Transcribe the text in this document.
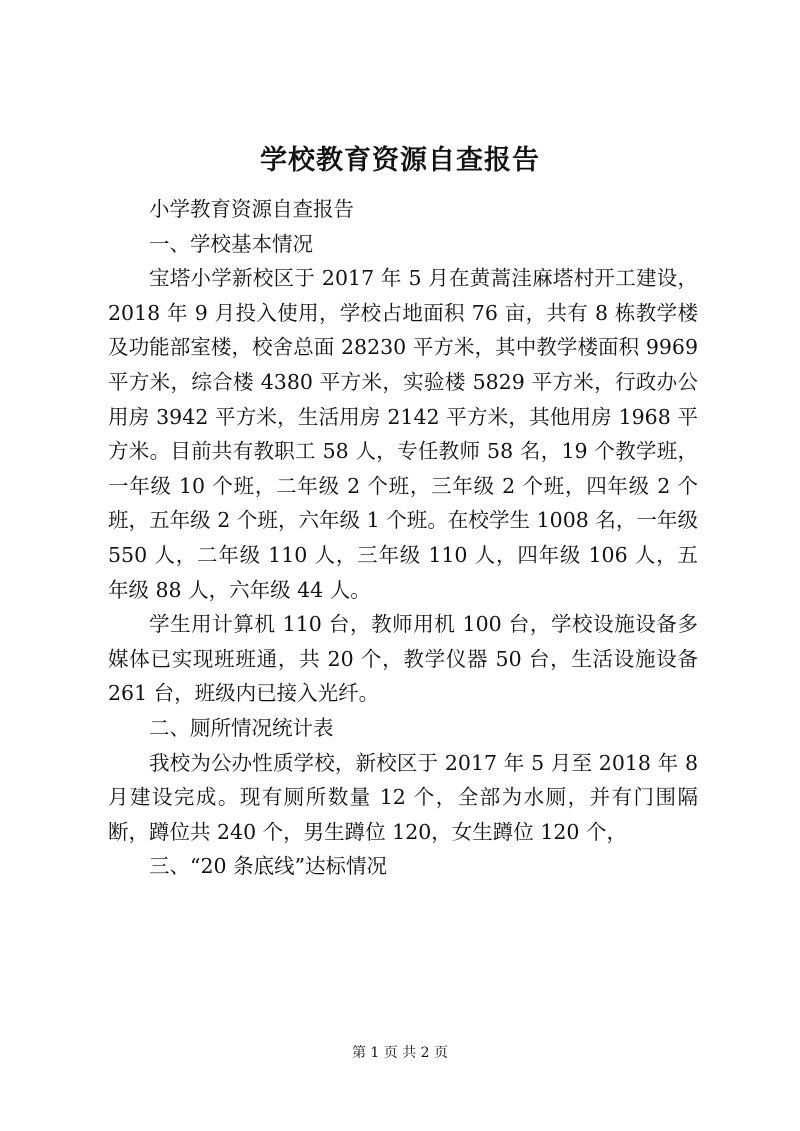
学校教育资源自查报告

小学教育资源自查报告

一、学校基本情况

宝塔小学新校区于 2017 年 5 月在黄蒿洼麻塔村开工建设，2018 年 9 月投入使用，学校占地面积 76 亩，共有 8 栋教学楼及功能部室楼，校舍总面 28230 平方米，其中教学楼面积 9969 平方米，综合楼 4380 平方米，实验楼 5829 平方米，行政办公用房 3942 平方米，生活用房 2142 平方米，其他用房 1968 平方米。目前共有教职工 58 人，专任教师 58 名，19 个教学班，一年级 10 个班，二年级 2 个班，三年级 2 个班，四年级 2 个班，五年级 2 个班，六年级 1 个班。在校学生 1008 名，一年级 550 人，二年级 110 人，三年级 110 人，四年级 106 人，五年级 88 人，六年级 44 人。

学生用计算机 110 台，教师用机 100 台，学校设施设备多媒体已实现班班通，共 20 个，教学仪器 50 台，生活设施设备 261 台，班级内已接入光纤。

二、厕所情况统计表

我校为公办性质学校，新校区于 2017 年 5 月至 2018 年 8 月建设完成。现有厕所数量 12 个，全部为水厕，并有门围隔断，蹲位共 240 个，男生蹲位 120，女生蹲位 120 个，

三、“20 条底线”达标情况

第 1 页 共 2 页
